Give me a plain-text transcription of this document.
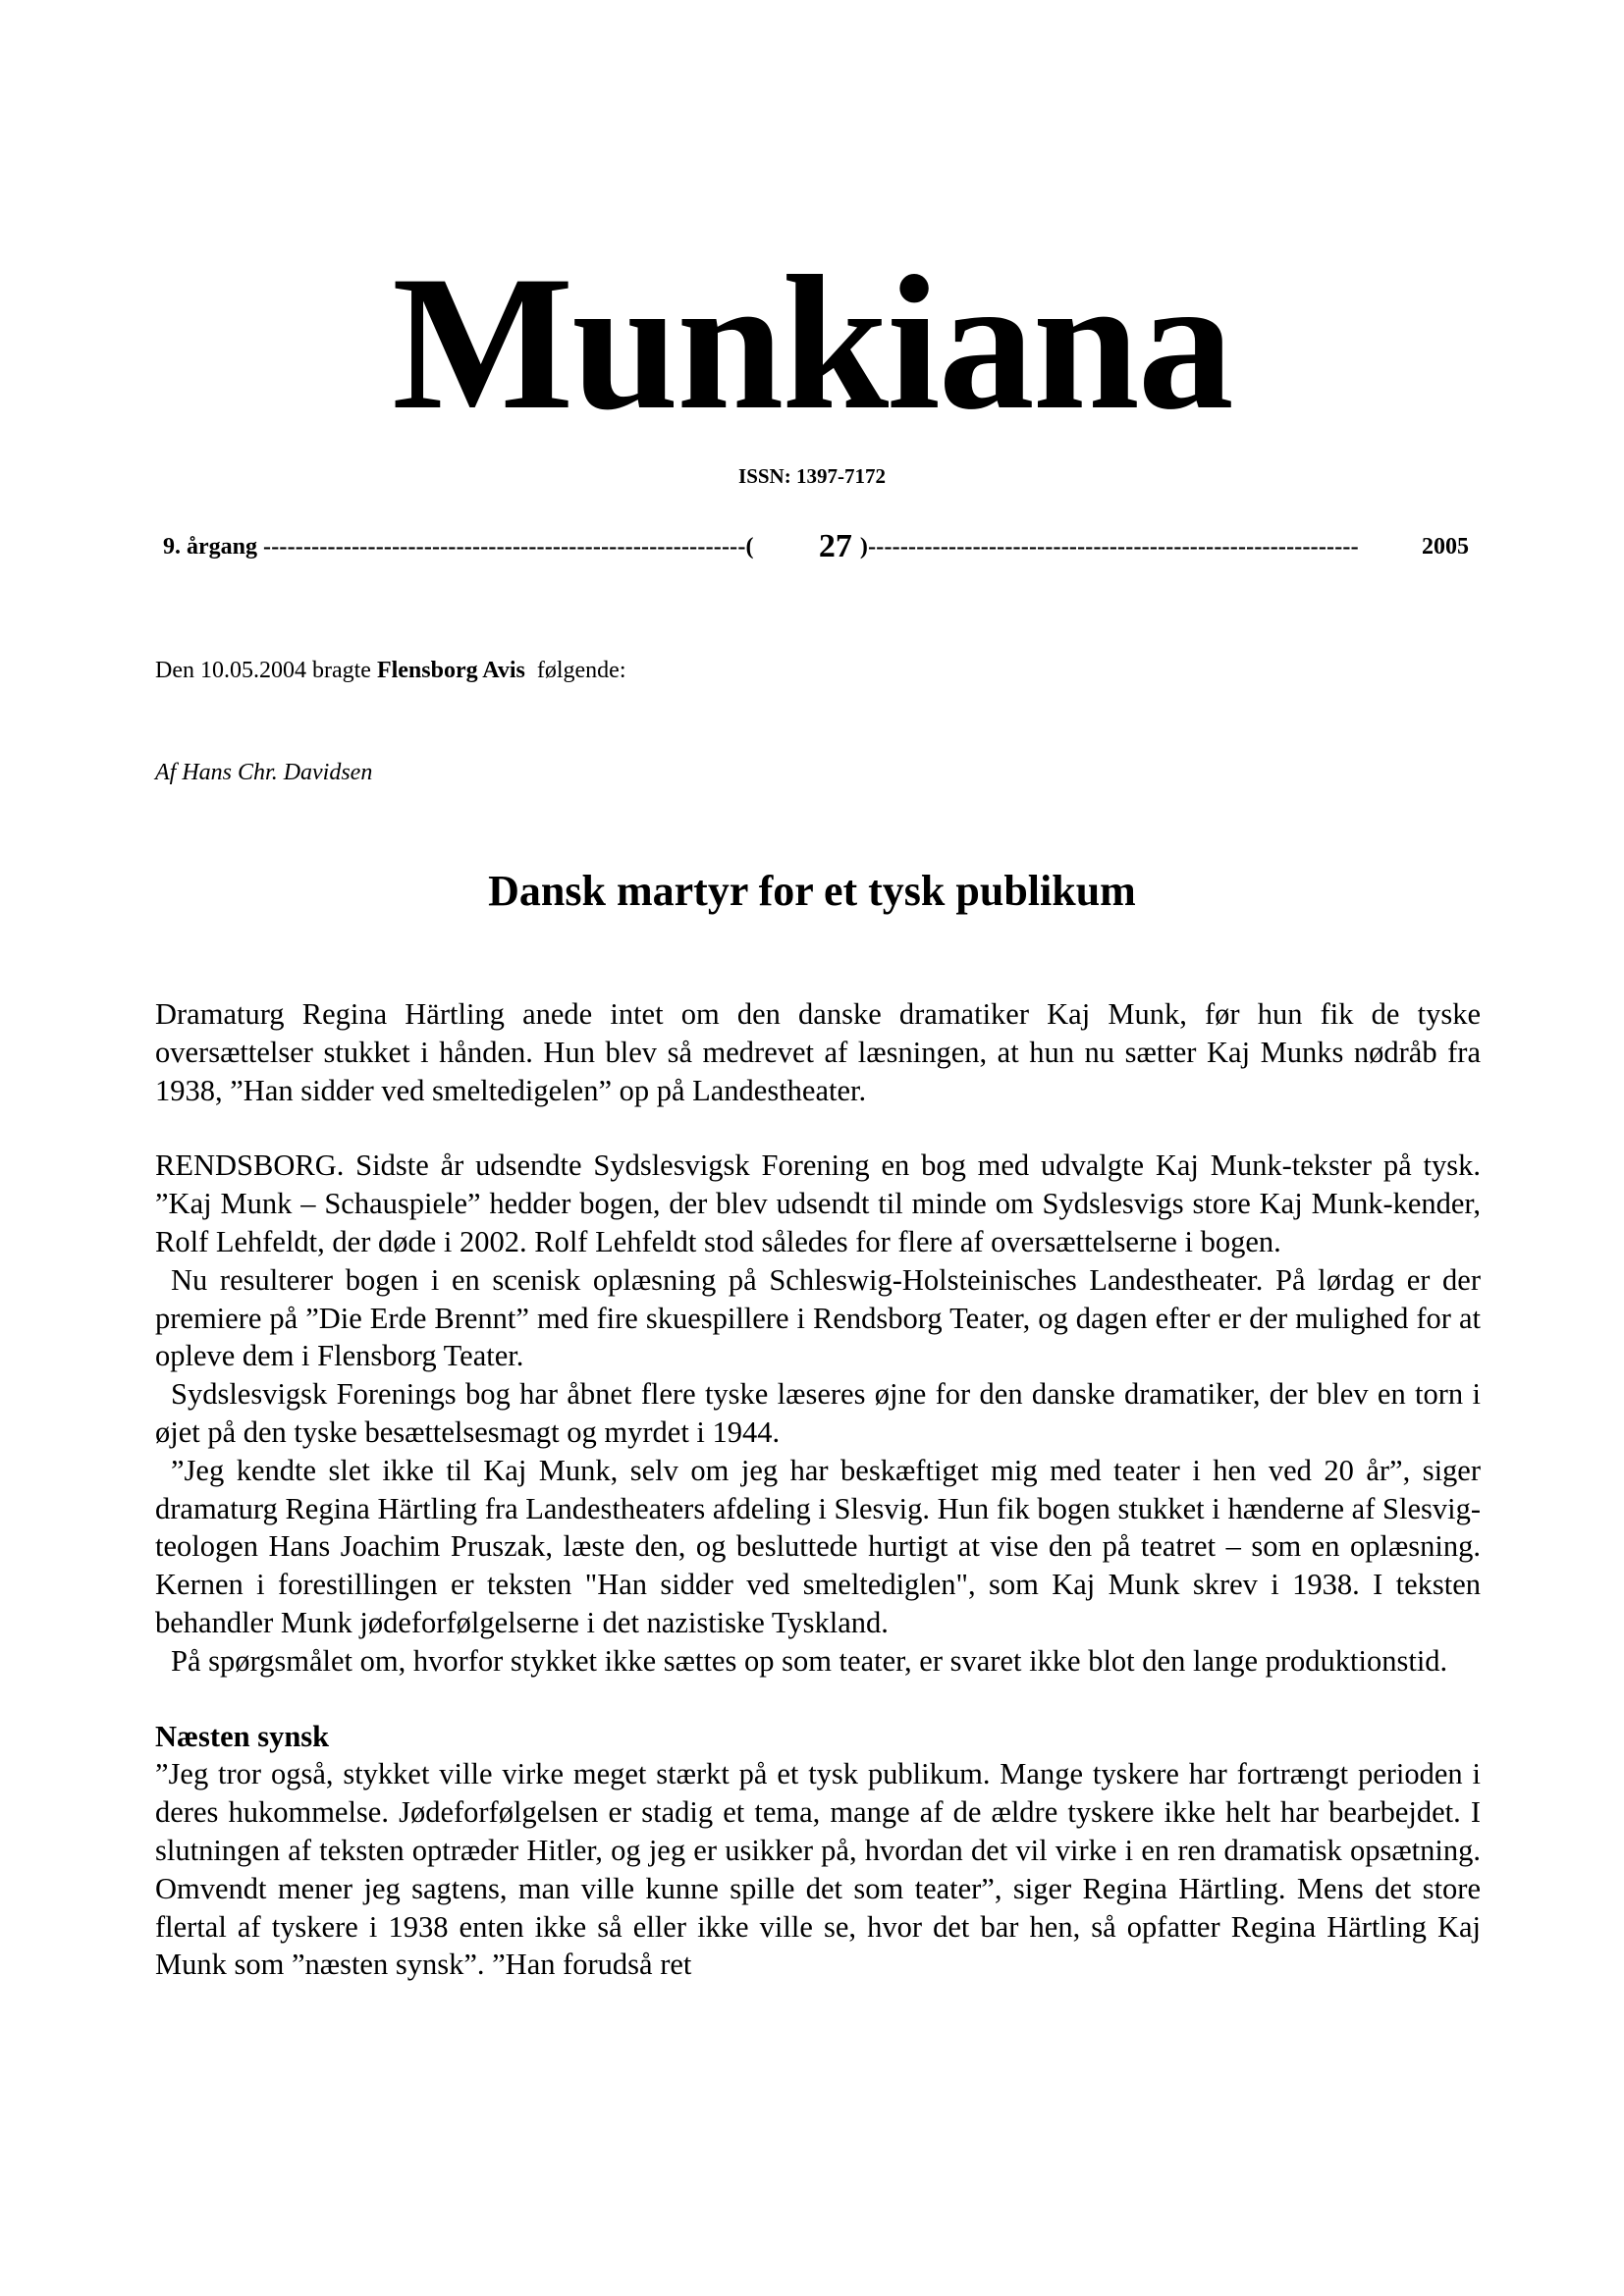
Munkiana
ISSN: 1397-7172
9. årgang ------------------------------------------------------------(	27 )-------------------------------------------------------------	2005
Den 10.05.2004 bragte Flensborg Avis  følgende:
Af Hans Chr. Davidsen
Dansk martyr for et tysk publikum

Dramaturg Regina Härtling anede intet om den danske dramatiker Kaj Munk, før hun fik de tyske oversættelser stukket i hånden. Hun blev så medrevet af læsningen, at hun nu sætter Kaj Munks nødråb fra 1938, ”Han sidder ved smeltedigelen” op på Landestheater.

RENDSBORG. Sidste år udsendte Sydslesvigsk Forening en bog med udvalgte Kaj Munk-tekster på tysk. ”Kaj Munk – Schauspiele” hedder bogen, der blev udsendt til minde om Sydslesvigs store Kaj Munk-kender, Rolf Lehfeldt, der døde i 2002. Rolf Lehfeldt stod således for flere af oversættelserne i bogen.

Nu resulterer bogen i en scenisk oplæsning på Schleswig-Holsteinisches Landestheater. På lørdag er der premiere på ”Die Erde Brennt” med fire skuespillere i Rendsborg Teater, og dagen efter er der mulighed for at opleve dem i Flensborg Teater.

Sydslesvigsk Forenings bog har åbnet flere tyske læseres øjne for den danske dramatiker, der blev en torn i øjet på den tyske besættelsesmagt og myrdet i 1944.

”Jeg kendte slet ikke til Kaj Munk, selv om jeg har beskæftiget mig med teater i hen ved 20 år”, siger dramaturg Regina Härtling fra Landestheaters afdeling i Slesvig. Hun fik bogen stukket i hænderne af Slesvig-teologen Hans Joachim Pruszak, læste den, og besluttede hurtigt at vise den på teatret – som en oplæsning. Kernen i forestillingen er teksten "Han sidder ved smeltediglen", som Kaj Munk skrev i 1938. I teksten behandler Munk jødeforfølgelserne i det nazistiske Tyskland.

På spørgsmålet om, hvorfor stykket ikke sættes op som teater, er svaret ikke blot den lange produktionstid.

Næsten synsk

”Jeg tror også, stykket ville virke meget stærkt på et tysk publikum. Mange tyskere har fortrængt perioden i deres hukommelse. Jødeforfølgelsen er stadig et tema, mange af de ældre tyskere ikke helt har bearbejdet. I slutningen af teksten optræder Hitler, og jeg er usikker på, hvordan det vil virke i en ren dramatisk opsætning. Omvendt mener jeg sagtens, man ville kunne spille det som teater”, siger Regina Härtling. Mens det store flertal af tyskere i 1938 enten ikke så eller ikke ville se, hvor det bar hen, så opfatter Regina Härtling Kaj Munk som ”næsten synsk”. ”Han forudså ret
